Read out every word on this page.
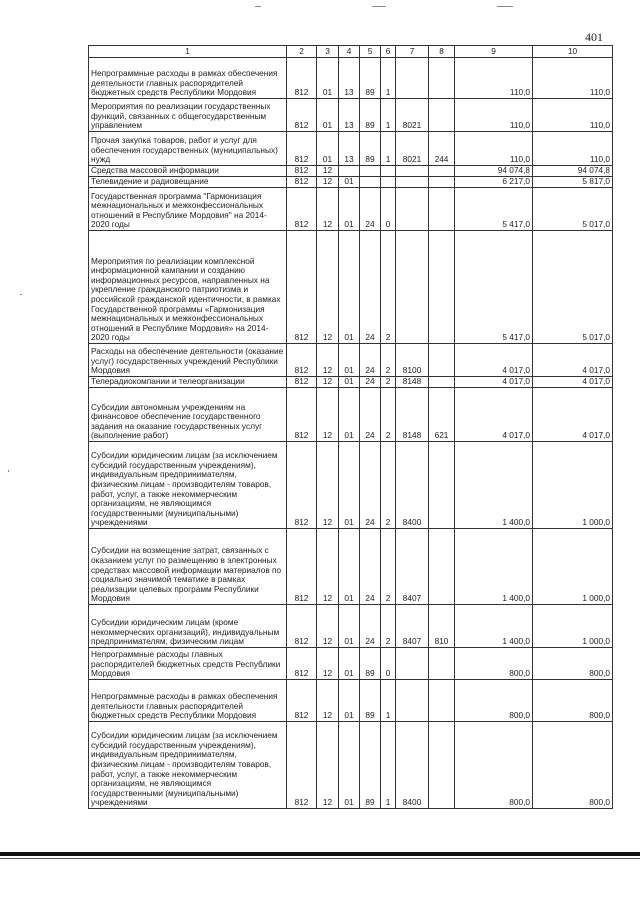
401
1	2	3	4	5	6	7	8	9	10
Непрограммные расходы в рамках обеспечения деятельности главных распорядителей бюджетных средств Республики Мордовия	812	01	13	89	1			110,0	110,0
Мероприятия по реализации государственных функций, связанных с общегосударственным управлением	812	01	13	89	1	8021		110,0	110,0
Прочая закупка товаров, работ и услуг для обеспечения государственных (муниципальных) нужд	812	01	13	89	1	8021	244	110,0	110,0
Средства массовой информации	812	12						94 074,8	94 074,8
Телевидение и радиовещание	812	12	01					6 217,0	5 817,0
Государственная программа "Гармонизация межнациональных и межконфессиональных отношений в Республике Мордовия" на 2014-2020 годы	812	12	01	24	0			5 417,0	5 017,0
Мероприятия по реализации комплексной информационной кампании и созданию информационных ресурсов, направленных на укрепление гражданского патриотизма и российской гражданской идентичности, в рамках Государственной программы «Гармонизация межнациональных и межконфессиональных отношений в Республике Мордовия» на 2014-2020 годы	812	12	01	24	2			5 417,0	5 017,0
Расходы на обеспечение деятельности (оказание услуг) государственных учреждений Республики Мордовия	812	12	01	24	2	8100		4 017,0	4 017,0
Телерадиокомпании и телеорганизации	812	12	01	24	2	8148		4 017,0	4 017,0
Субсидии автономным учреждениям на финансовое обеспечение государственного задания на оказание государственных услуг (выполнение работ)	812	12	01	24	2	8148	621	4 017,0	4 017,0
Субсидии юридическим лицам (за исключением субсидий государственным учреждениям), индивидуальным предпринимателям, физическим лицам - производителям товаров, работ, услуг, а также некоммерческим организациям, не являющимся государственными (муниципальными) учреждениями	812	12	01	24	2	8400		1 400,0	1 000,0
Субсидии на возмещение затрат, связанных с оказанием услуг по размещению в электронных средствах массовой информации материалов по социально значимой тематике в рамках реализации целевых программ Республики Мордовия	812	12	01	24	2	8407		1 400,0	1 000,0
Субсидии юридическим лицам (кроме некоммерческих организаций), индивидуальным предпринимателям, физическим лицам	812	12	01	24	2	8407	810	1 400,0	1 000,0
Непрограммные расходы главных распорядителей бюджетных средств Республики Мордовия	812	12	01	89	0			800,0	800,0
Непрограммные расходы в рамках обеспечения деятельности главных распорядителей бюджетных средств Республики Мордовия	812	12	01	89	1			800,0	800,0
Субсидии юридическим лицам (за исключением субсидий государственным учреждениям), индивидуальным предпринимателям, физическим лицам - производителям товаров, работ, услуг, а также некоммерческим организациям, не являющимся государственными (муниципальными) учреждениями	812	12	01	89	1	8400		800,0	800,0
